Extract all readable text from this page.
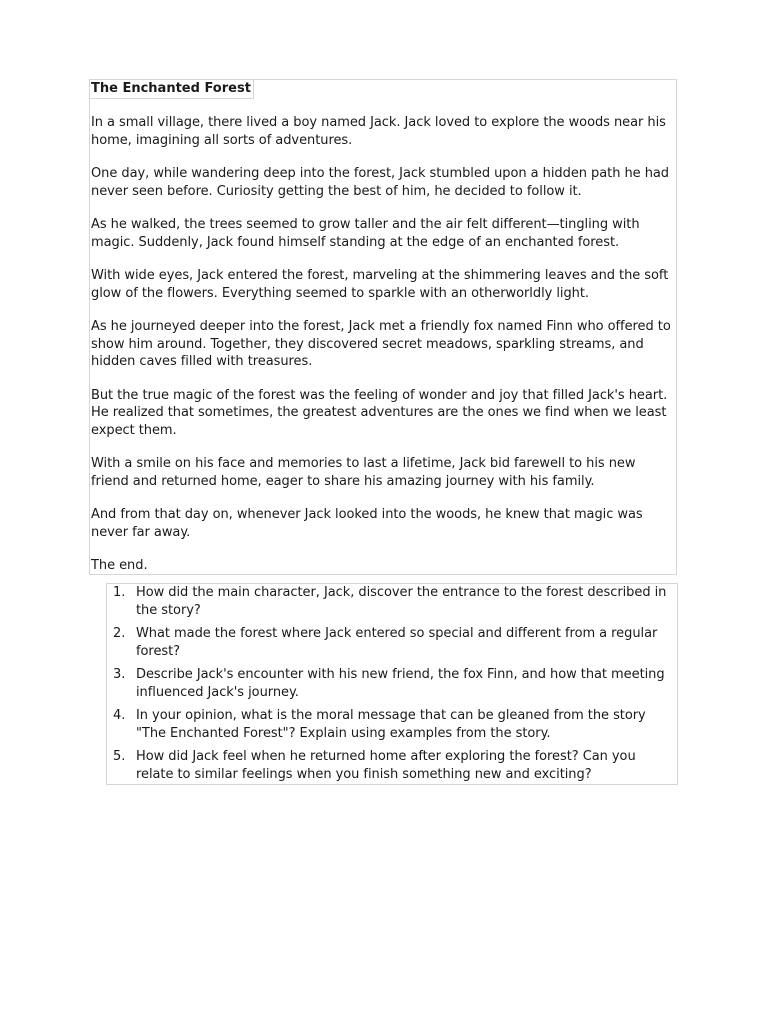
The Enchanted Forest

In a small village, there lived a boy named Jack. Jack loved to explore the woods near his home, imagining all sorts of adventures.

One day, while wandering deep into the forest, Jack stumbled upon a hidden path he had never seen before. Curiosity getting the best of him, he decided to follow it.

As he walked, the trees seemed to grow taller and the air felt different—tingling with magic. Suddenly, Jack found himself standing at the edge of an enchanted forest.

With wide eyes, Jack entered the forest, marveling at the shimmering leaves and the soft glow of the flowers. Everything seemed to sparkle with an otherworldly light.

As he journeyed deeper into the forest, Jack met a friendly fox named Finn who offered to show him around. Together, they discovered secret meadows, sparkling streams, and hidden caves filled with treasures.

But the true magic of the forest was the feeling of wonder and joy that filled Jack's heart. He realized that sometimes, the greatest adventures are the ones we find when we least expect them.

With a smile on his face and memories to last a lifetime, Jack bid farewell to his new friend and returned home, eager to share his amazing journey with his family.

And from that day on, whenever Jack looked into the woods, he knew that magic was never far away.

The end.

1. How did the main character, Jack, discover the entrance to the forest described in the story?
2. What made the forest where Jack entered so special and different from a regular forest?
3. Describe Jack's encounter with his new friend, the fox Finn, and how that meeting influenced Jack's journey.
4. In your opinion, what is the moral message that can be gleaned from the story "The Enchanted Forest"? Explain using examples from the story.
5. How did Jack feel when he returned home after exploring the forest? Can you relate to similar feelings when you finish something new and exciting?
